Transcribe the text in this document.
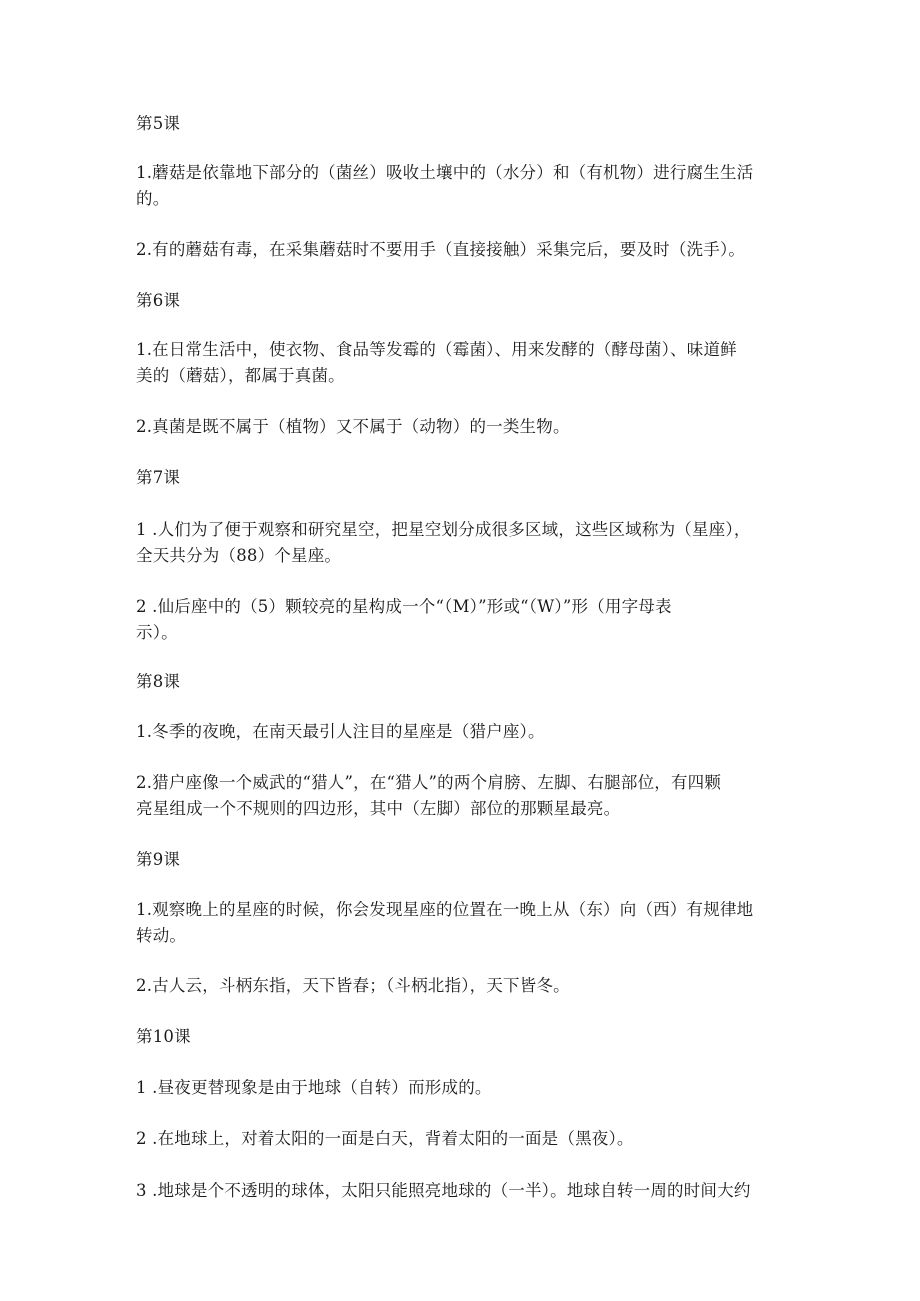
第5课
1.蘑菇是依靠地下部分的（菌丝）吸收土壤中的（水分）和（有机物）进行腐生生活
的。
2.有的蘑菇有毒，在采集蘑菇时不要用手（直接接触）采集完后，要及时（洗手）。
第6课
1.在日常生活中，使衣物、食品等发霉的（霉菌）、用来发酵的（酵母菌）、味道鲜
美的（蘑菇），都属于真菌。
2.真菌是既不属于（植物）又不属于（动物）的一类生物。
第7课
1 .人们为了便于观察和研究星空，把星空划分成很多区域，这些区域称为（星座），
全天共分为（88）个星座。
2 .仙后座中的（5）颗较亮的星构成一个“（M）”形或“（W）”形（用字母表
示）。
第8课
1.冬季的夜晚，在南天最引人注目的星座是（猎户座）。
2.猎户座像一个威武的“猎人”，在“猎人”的两个肩膀、左脚、右腿部位，有四颗
亮星组成一个不规则的四边形，其中（左脚）部位的那颗星最亮。
第9课
1.观察晚上的星座的时候，你会发现星座的位置在一晚上从（东）向（西）有规律地
转动。
2.古人云，斗柄东指，天下皆春；（斗柄北指），天下皆冬。
第10课
1 .昼夜更替现象是由于地球（自转）而形成的。
2 .在地球上，对着太阳的一面是白天，背着太阳的一面是（黑夜）。
3 .地球是个不透明的球体，太阳只能照亮地球的（一半）。地球自转一周的时间大约
